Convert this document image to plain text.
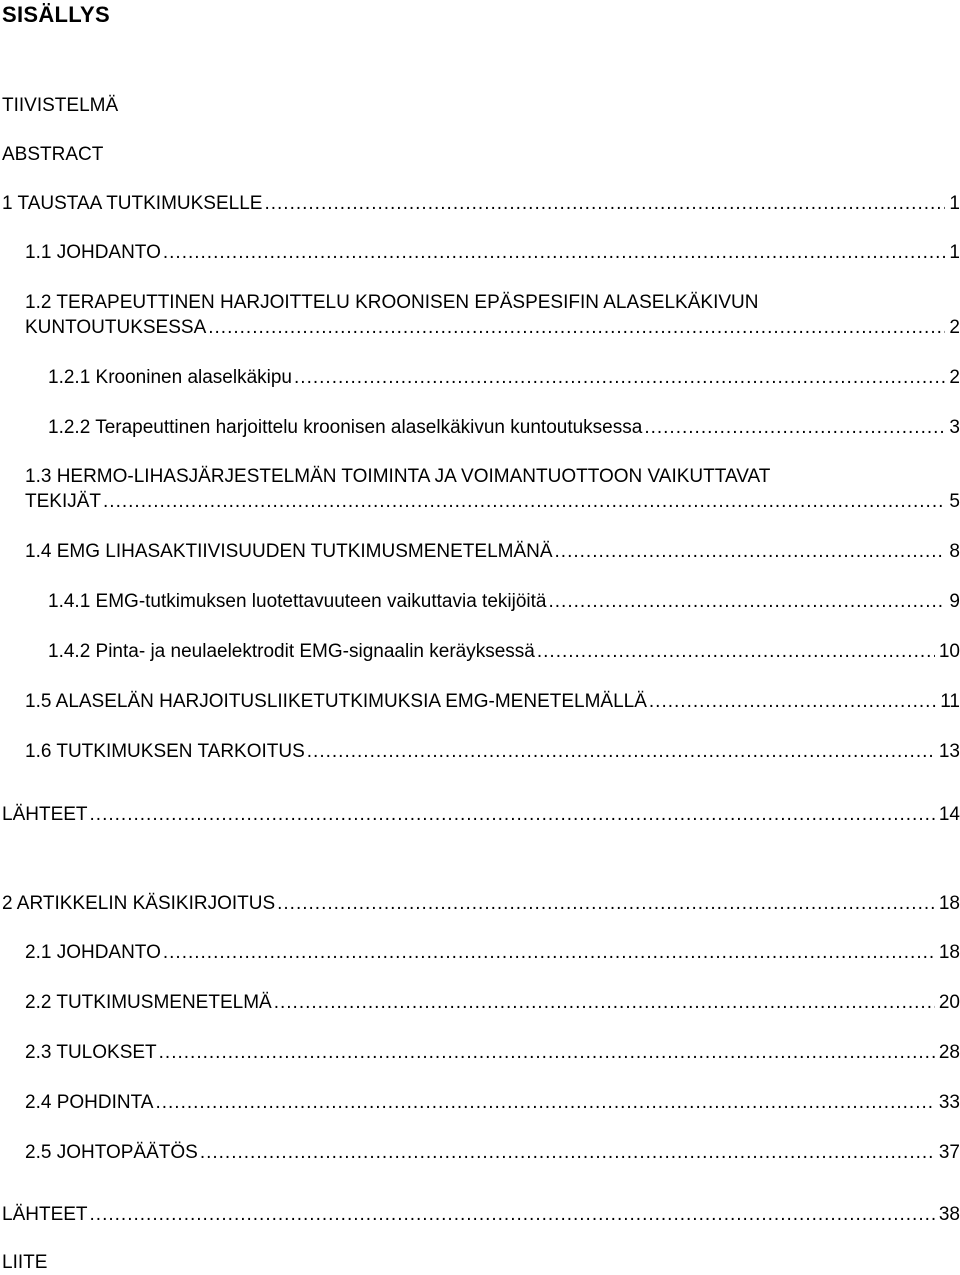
SISÄLLYS
TIIVISTELMÄ
ABSTRACT
1 TAUSTAA TUTKIMUKSELLE .....	1
1.1 JOHDANTO .....	1
1.2 TERAPEUTTINEN HARJOITTELU KROONISEN EPÄSPESIFIN ALASELKÄKIVUN
KUNTOUTUKSESSA .....	2
1.2.1 Krooninen alaselkäkipu .....	2
1.2.2 Terapeuttinen harjoittelu kroonisen alaselkäkivun kuntoutuksessa .....	3
1.3 HERMO-LIHASJÄRJESTELMÄN TOIMINTA JA VOIMANTUOTTOON VAIKUTTAVAT
TEKIJÄT .....	5
1.4 EMG LIHASAKTIIVISUUDEN TUTKIMUSMENETELMÄNÄ .....	8
1.4.1 EMG-tutkimuksen luotettavuuteen vaikuttavia tekijöitä .....	9
1.4.2 Pinta- ja neulaelektrodit EMG-signaalin keräyksessä .....	10
1.5 ALASELÄN HARJOITUSLIIKETUTKIMUKSIA EMG-MENETELMÄLLÄ .....	11
1.6 TUTKIMUKSEN TARKOITUS .....	13
LÄHTEET .....	14
2 ARTIKKELIN KÄSIKIRJOITUS .....	18
2.1 JOHDANTO .....	18
2.2 TUTKIMUSMENETELMÄ .....	20
2.3 TULOKSET .....	28
2.4 POHDINTA .....	33
2.5 JOHTOPÄÄTÖS .....	37
LÄHTEET .....	38
LIITE
